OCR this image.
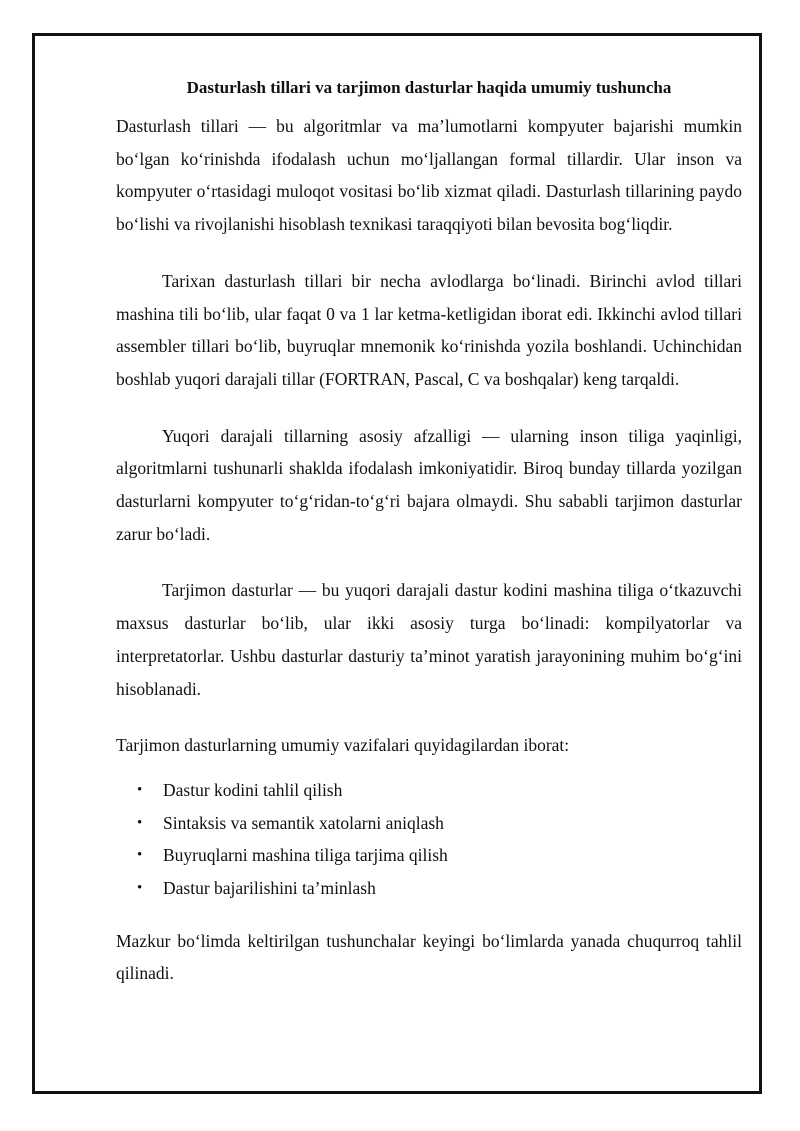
Dasturlash tillari va tarjimon dasturlar haqida umumiy tushuncha

Dasturlash tillari — bu algoritmlar va ma’lumotlarni kompyuter bajarishi mumkin bo‘lgan ko‘rinishda ifodalash uchun mo‘ljallangan formal tillardir. Ular inson va kompyuter o‘rtasidagi muloqot vositasi bo‘lib xizmat qiladi. Dasturlash tillarining paydo bo‘lishi va rivojlanishi hisoblash texnikasi taraqqiyoti bilan bevosita bog‘liqdir.

Tarixan dasturlash tillari bir necha avlodlarga bo‘linadi. Birinchi avlod tillari mashina tili bo‘lib, ular faqat 0 va 1 lar ketma-ketligidan iborat edi. Ikkinchi avlod tillari assembler tillari bo‘lib, buyruqlar mnemonik ko‘rinishda yozila boshlandi. Uchinchidan boshlab yuqori darajali tillar (FORTRAN, Pascal, C va boshqalar) keng tarqaldi.

Yuqori darajali tillarning asosiy afzalligi — ularning inson tiliga yaqinligi, algoritmlarni tushunarli shaklda ifodalash imkoniyatidir. Biroq bunday tillarda yozilgan dasturlarni kompyuter to‘g‘ridan-to‘g‘ri bajara olmaydi. Shu sababli tarjimon dasturlar zarur bo‘ladi.

Tarjimon dasturlar — bu yuqori darajali dastur kodini mashina tiliga o‘tkazuvchi maxsus dasturlar bo‘lib, ular ikki asosiy turga bo‘linadi: kompilyatorlar va interpretatorlar. Ushbu dasturlar dasturiy ta’minot yaratish jarayonining muhim bo‘g‘ini hisoblanadi.

Tarjimon dasturlarning umumiy vazifalari quyidagilardan iborat:

• Dastur kodini tahlil qilish
• Sintaksis va semantik xatolarni aniqlash
• Buyruqlarni mashina tiliga tarjima qilish
• Dastur bajarilishini ta’minlash

Mazkur bo‘limda keltirilgan tushunchalar keyingi bo‘limlarda yanada chuqurroq tahlil qilinadi.
